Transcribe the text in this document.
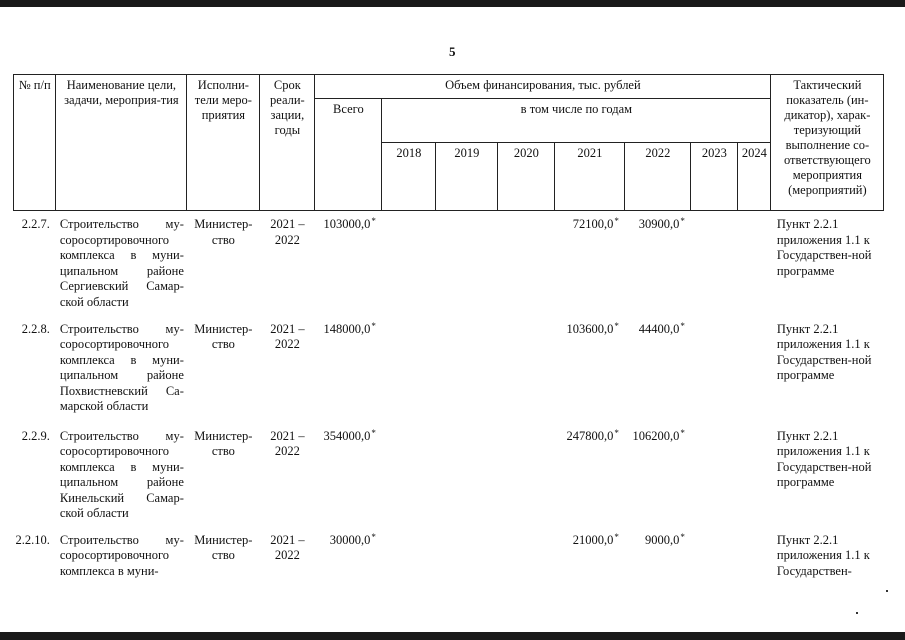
5
№ п/п	Наименование цели, задачи, мероприя-тия	Исполни-тели меро-приятия	Срок реали-зации, годы	Объем финансирования, тыс. рублей								Тактический показатель (ин-дикатор), харак-теризующий выполнение со-ответствующего мероприятия (мероприятий)
				Всего	в том числе по годам							
					2018	2019	2020	2021	2022	2023	2024	
2.2.7.	Строительство му-соросортировочного комплекса в муни-ципальном районе Сергиевский Самар-ской области	Министер-ство	2021 – 2022	103000,0*				72100,0*	30900,0*			Пункт 2.2.1 приложения 1.1 к Государствен-ной программе
2.2.8.	Строительство му-соросортировочного комплекса в муни-ципальном районе Похвистневский Са-марской области	Министер-ство	2021 – 2022	148000,0*				103600,0*	44400,0*			Пункт 2.2.1 приложения 1.1 к Государствен-ной программе
2.2.9.	Строительство му-соросортировочного комплекса в муни-ципальном районе Кинельский Самар-ской области	Министер-ство	2021 – 2022	354000,0*				247800,0*	106200,0*			Пункт 2.2.1 приложения 1.1 к Государствен-ной программе
2.2.10.	Строительство му-соросортировочного комплекса в муни-	Министер-ство	2021 – 2022	30000,0*				21000,0*	9000,0*			Пункт 2.2.1 приложения 1.1 к Государствен-
